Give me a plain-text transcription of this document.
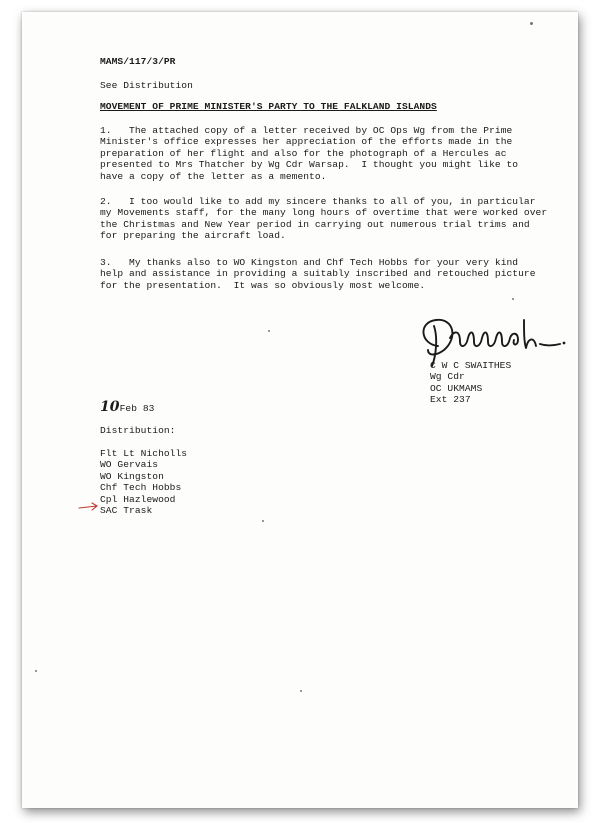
MAMS/117/3/PR
See Distribution
MOVEMENT OF PRIME MINISTER'S PARTY TO THE FALKLAND ISLANDS
1.   The attached copy of a letter received by OC Ops Wg from the Prime
Minister's office expresses her appreciation of the efforts made in the
preparation of her flight and also for the photograph of a Hercules ac
presented to Mrs Thatcher by Wg Cdr Warsap.  I thought you might like to
have a copy of the letter as a memento.
2.   I too would like to add my sincere thanks to all of you, in particular
my Movements staff, for the many long hours of overtime that were worked over
the Christmas and New Year period in carrying out numerous trial trims and
for preparing the aircraft load.
3.   My thanks also to WO Kingston and Chf Tech Hobbs for your very kind
help and assistance in providing a suitably inscribed and retouched picture
for the presentation.  It was so obviously most welcome.
C W C SWAITHES
Wg Cdr
OC UKMAMS
Ext 237
10Feb 83
Distribution:
Flt Lt Nicholls
WO Gervais
WO Kingston
Chf Tech Hobbs
Cpl Hazlewood
SAC Trask
